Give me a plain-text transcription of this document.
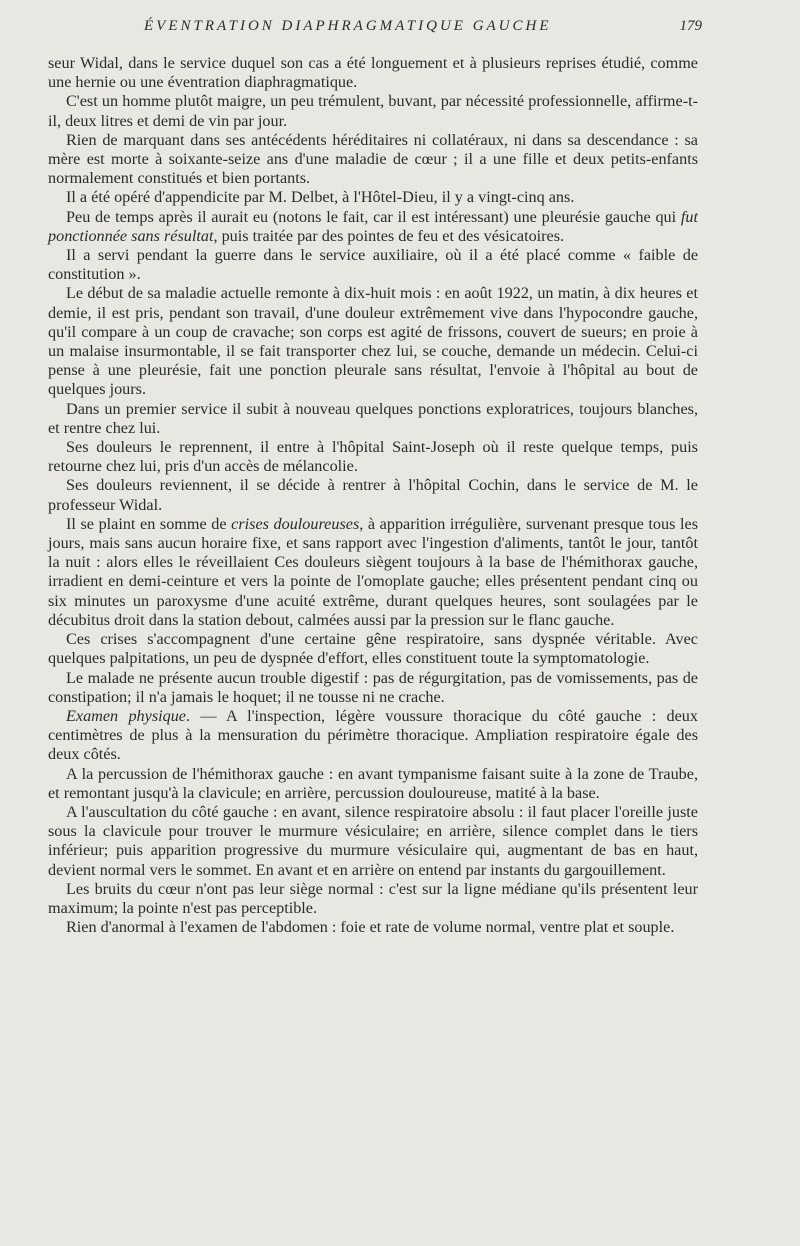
ÉVENTRATION DIAPHRAGMATIQUE GAUCHE	179

seur Widal, dans le service duquel son cas a été longuement et à plusieurs reprises étudié, comme une hernie ou une éventration diaphragmatique.

C'est un homme plutôt maigre, un peu trémulent, buvant, par nécessité professionnelle, affirme-t-il, deux litres et demi de vin par jour.

Rien de marquant dans ses antécédents héréditaires ni collatéraux, ni dans sa descendance : sa mère est morte à soixante-seize ans d'une maladie de cœur ; il a une fille et deux petits-enfants normalement constitués et bien portants.

Il a été opéré d'appendicite par M. Delbet, à l'Hôtel-Dieu, il y a vingt-cinq ans.

Peu de temps après il aurait eu (notons le fait, car il est intéressant) une pleurésie gauche qui fut ponctionnée sans résultat, puis traitée par des pointes de feu et des vésicatoires.

Il a servi pendant la guerre dans le service auxiliaire, où il a été placé comme « faible de constitution ».

Le début de sa maladie actuelle remonte à dix-huit mois : en août 1922, un matin, à dix heures et demie, il est pris, pendant son travail, d'une douleur extrêmement vive dans l'hypocondre gauche, qu'il compare à un coup de cravache; son corps est agité de frissons, couvert de sueurs; en proie à un malaise insurmontable, il se fait transporter chez lui, se couche, demande un médecin. Celui-ci pense à une pleurésie, fait une ponction pleurale sans résultat, l'envoie à l'hôpital au bout de quelques jours.

Dans un premier service il subit à nouveau quelques ponctions exploratrices, toujours blanches, et rentre chez lui.

Ses douleurs le reprennent, il entre à l'hôpital Saint-Joseph où il reste quelque temps, puis retourne chez lui, pris d'un accès de mélancolie.

Ses douleurs reviennent, il se décide à rentrer à l'hôpital Cochin, dans le service de M. le professeur Widal.

Il se plaint en somme de crises douloureuses, à apparition irrégulière, survenant presque tous les jours, mais sans aucun horaire fixe, et sans rapport avec l'ingestion d'aliments, tantôt le jour, tantôt la nuit : alors elles le réveillaient Ces douleurs siègent toujours à la base de l'hémithorax gauche, irradient en demi-ceinture et vers la pointe de l'omoplate gauche; elles présentent pendant cinq ou six minutes un paroxysme d'une acuité extrême, durant quelques heures, sont soulagées par le décubitus droit dans la station debout, calmées aussi par la pression sur le flanc gauche.

Ces crises s'accompagnent d'une certaine gêne respiratoire, sans dyspnée véritable. Avec quelques palpitations, un peu de dyspnée d'effort, elles constituent toute la symptomatologie.

Le malade ne présente aucun trouble digestif : pas de régurgitation, pas de vomissements, pas de constipation; il n'a jamais le hoquet; il ne tousse ni ne crache.

Examen physique. — A l'inspection, légère voussure thoracique du côté gauche : deux centimètres de plus à la mensuration du périmètre thoracique. Ampliation respiratoire égale des deux côtés.

A la percussion de l'hémithorax gauche : en avant tympanisme faisant suite à la zone de Traube, et remontant jusqu'à la clavicule; en arrière, percussion douloureuse, matité à la base.

A l'auscultation du côté gauche : en avant, silence respiratoire absolu : il faut placer l'oreille juste sous la clavicule pour trouver le murmure vésiculaire; en arrière, silence complet dans le tiers inférieur; puis apparition progressive du murmure vésiculaire qui, augmentant de bas en haut, devient normal vers le sommet. En avant et en arrière on entend par instants du gargouillement.

Les bruits du cœur n'ont pas leur siège normal : c'est sur la ligne médiane qu'ils présentent leur maximum; la pointe n'est pas perceptible.

Rien d'anormal à l'examen de l'abdomen : foie et rate de volume normal, ventre plat et souple.
